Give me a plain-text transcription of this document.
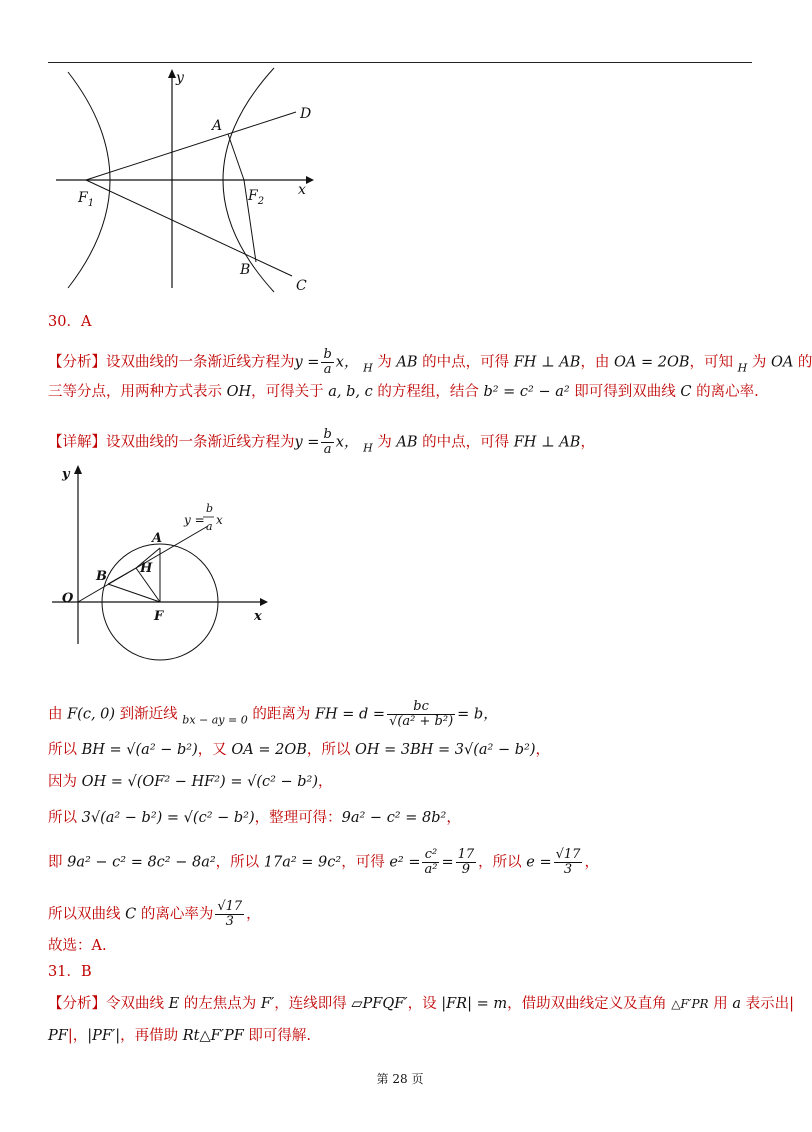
y
x
A
D
B
C
$F_1$	$F_2$
30．A
【分析】设双曲线的一条渐近线方程为$y = \frac{b}{a}$ x， $_H$ 为 AB 的中点，可得 FH ⊥ AB，由 OA = 2OB，可知 $_H$ 为 OA 的
三等分点，用两种方式表示 OH，可得关于 a, b, c 的方程组，结合 b² = c² − a² 即可得到双曲线 C 的离心率.
【详解】设双曲线的一条渐近线方程为$y = \frac{b}{a}$ x， $_H$ 为 AB 的中点，可得 FH ⊥ AB，
y
x
O
A
B
H
F
y =
b
a x
由 F(c, 0) 到渐近线 $_{bx - ay = 0}$ 的距离为 FH = $d = \frac{bc}{\text{√(a² + b²)}} = b$，
所以 BH = √(a² − b²)，又 OA = 2OB，所以 OH = 3BH = 3√(a² − b²)，
因为 OH = √(OF² − HF²) = √(c² − b²)，
所以 3√(a² − b²) = √(c² − b²)，整理可得：9a² − c² = 8b²，
即 9a² − c² = 8c² − 8a²，所以 17a² = 9c²，可得 $e^2 = \frac{\text{c²}}{\text{a²}} = \frac{17}{9}$ ，所以 $e = \frac{√17}{3}$ ，
所以双曲线 C 的离心率为 $\frac{√17}{3}$ ，
故选：A.
31．B
【分析】令双曲线 E 的左焦点为 F′，连线即得 ▱PFQF′，设 |FR| = m，借助双曲线定义及直角 △F′PR 用 a 表示出|
PF|，|PF′|，再借助 Rt△F′PF 即可得解.
第 28 页
